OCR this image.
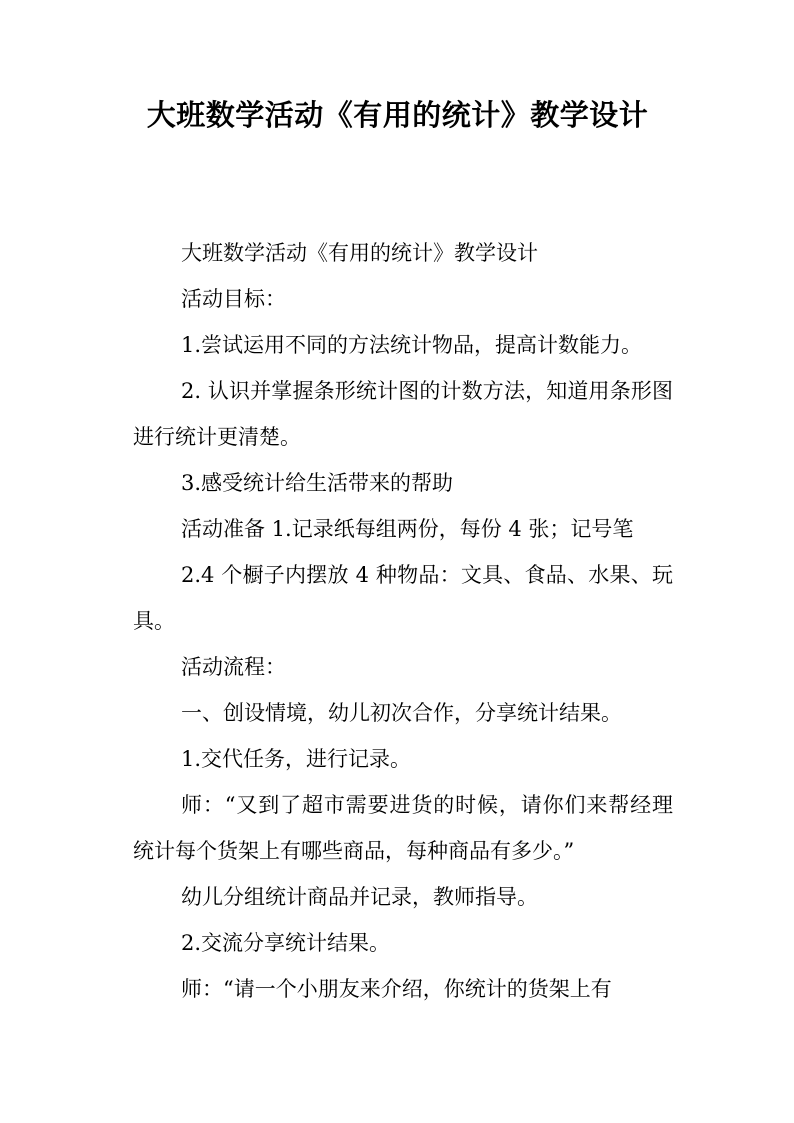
大班数学活动《有用的统计》教学设计

大班数学活动《有用的统计》教学设计

活动目标：

1.尝试运用不同的方法统计物品，提高计数能力。

2. 认识并掌握条形统计图的计数方法，知道用条形图进行统计更清楚。

3.感受统计给生活带来的帮助

活动准备 1.记录纸每组两份，每份 4 张；记号笔

2.4 个橱子内摆放 4 种物品：文具、食品、水果、玩具。

活动流程：

一、创设情境，幼儿初次合作，分享统计结果。

1.交代任务，进行记录。

师：“又到了超市需要进货的时候，请你们来帮经理统计每个货架上有哪些商品，每种商品有多少。”

幼儿分组统计商品并记录，教师指导。

2.交流分享统计结果。

师：“请一个小朋友来介绍，你统计的货架上有
